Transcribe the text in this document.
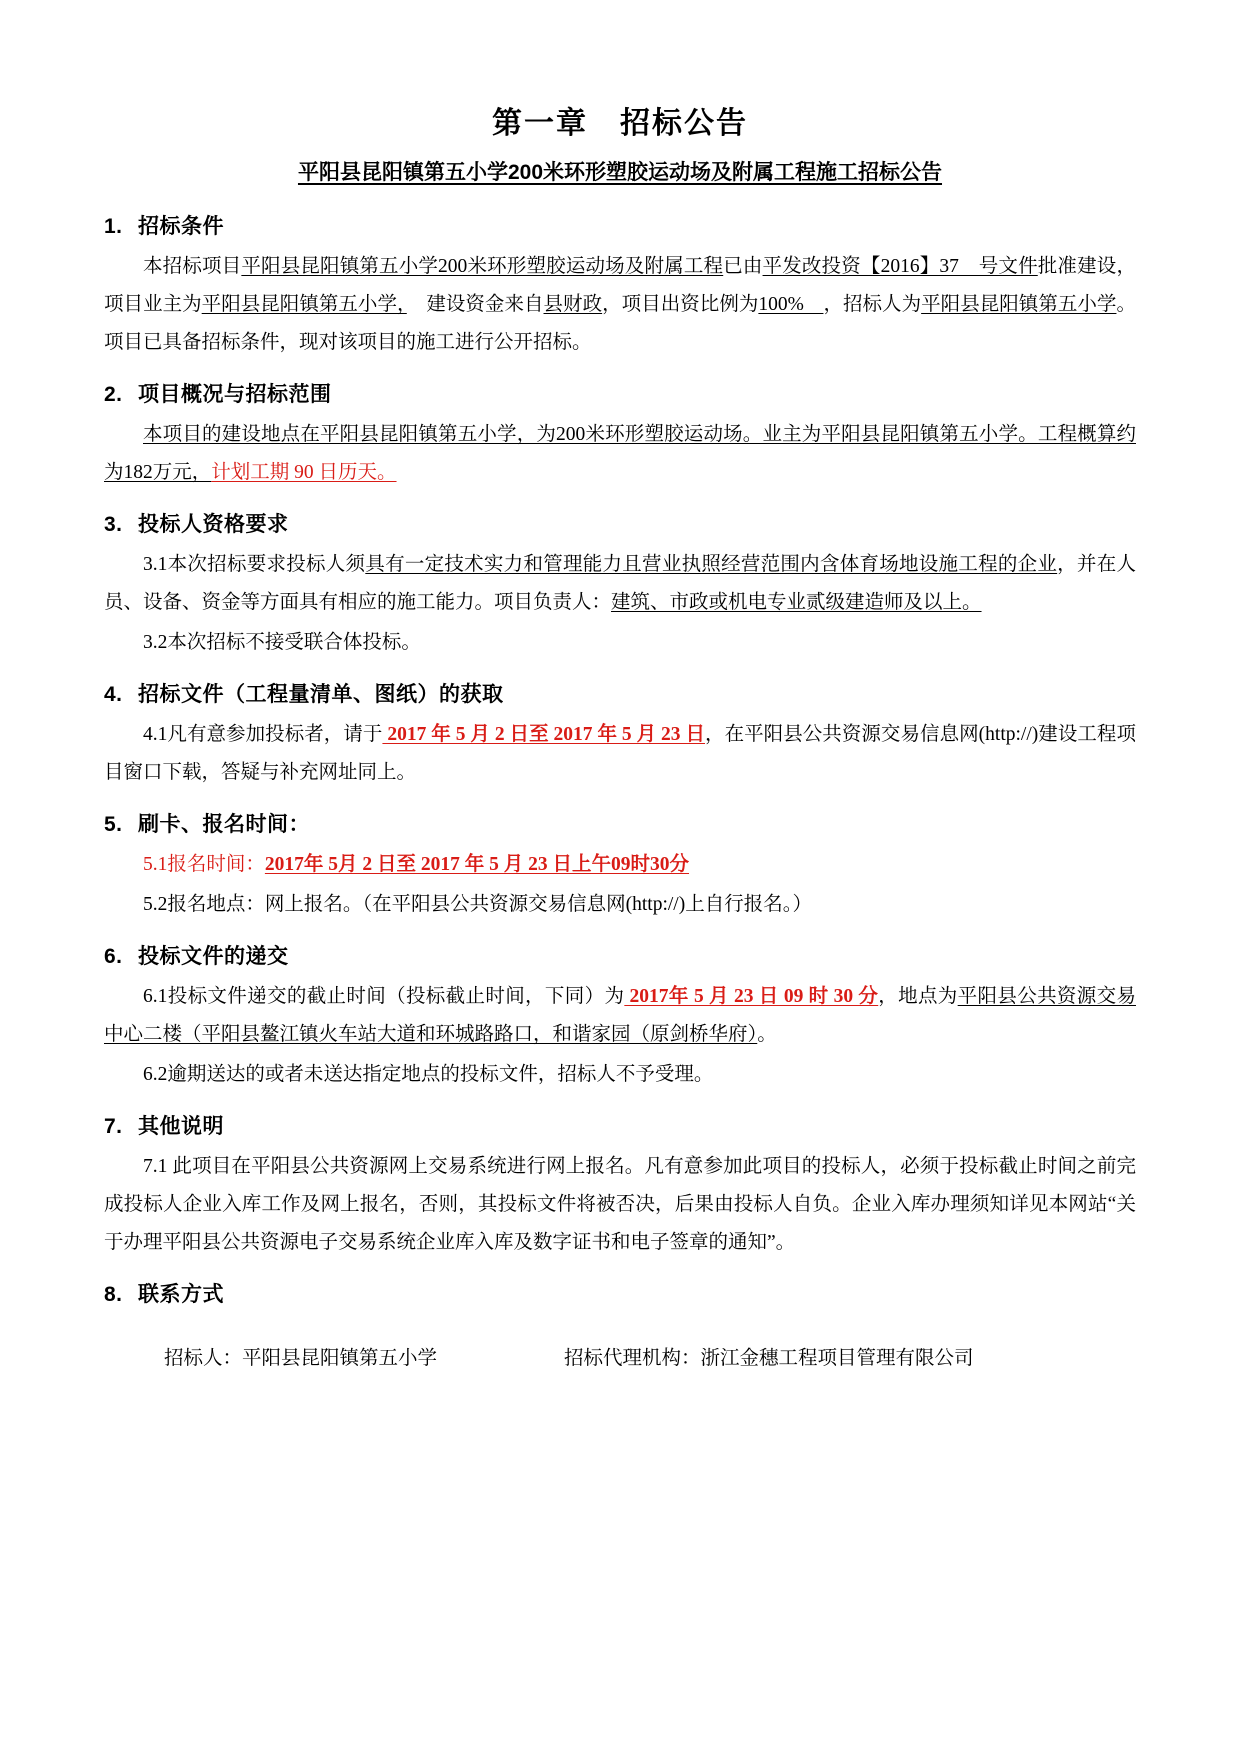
第一章　招标公告
平阳县昆阳镇第五小学200米环形塑胶运动场及附属工程施工招标公告
1. 招标条件

本招标项目平阳县昆阳镇第五小学200米环形塑胶运动场及附属工程已由平发改投资【2016】37　号文件批准建设，项目业主为平阳县昆阳镇第五小学，　建设资金来自县财政，项目出资比例为100%　，招标人为平阳县昆阳镇第五小学。项目已具备招标条件，现对该项目的施工进行公开招标。

2. 项目概况与招标范围

本项目的建设地点在平阳县昆阳镇第五小学，为200米环形塑胶运动场。业主为平阳县昆阳镇第五小学。工程概算约为182万元，计划工期 90 日历天。

3. 投标人资格要求

3.1本次招标要求投标人须具有一定技术实力和管理能力且营业执照经营范围内含体育场地设施工程的企业，并在人员、设备、资金等方面具有相应的施工能力。项目负责人：建筑、市政或机电专业贰级建造师及以上。

3.2本次招标不接受联合体投标。

4. 招标文件（工程量清单、图纸）的获取

4.1凡有意参加投标者，请于 2017 年 5 月 2 日至 2017 年 5 月 23 日，在平阳县公共资源交易信息网(http://)建设工程项目窗口下载，答疑与补充网址同上。

5. 刷卡、报名时间：

5.1报名时间：2017年 5月 2 日至 2017 年 5 月 23 日上午09时30分

5.2报名地点：网上报名。（在平阳县公共资源交易信息网(http://)上自行报名。）

6. 投标文件的递交

6.1投标文件递交的截止时间（投标截止时间，下同）为 2017年 5 月 23 日 09 时 30 分，地点为平阳县公共资源交易中心二楼（平阳县鳌江镇火车站大道和环城路路口，和谐家园（原剑桥华府）。

6.2逾期送达的或者未送达指定地点的投标文件，招标人不予受理。

7. 其他说明

7.1 此项目在平阳县公共资源网上交易系统进行网上报名。凡有意参加此项目的投标人，必须于投标截止时间之前完成投标人企业入库工作及网上报名，否则，其投标文件将被否决，后果由投标人自负。企业入库办理须知详见本网站“关于办理平阳县公共资源电子交易系统企业库入库及数字证书和电子签章的通知”。

8. 联系方式
招标人：平阳县昆阳镇第五小学	招标代理机构：浙江金穗工程项目管理有限公司
